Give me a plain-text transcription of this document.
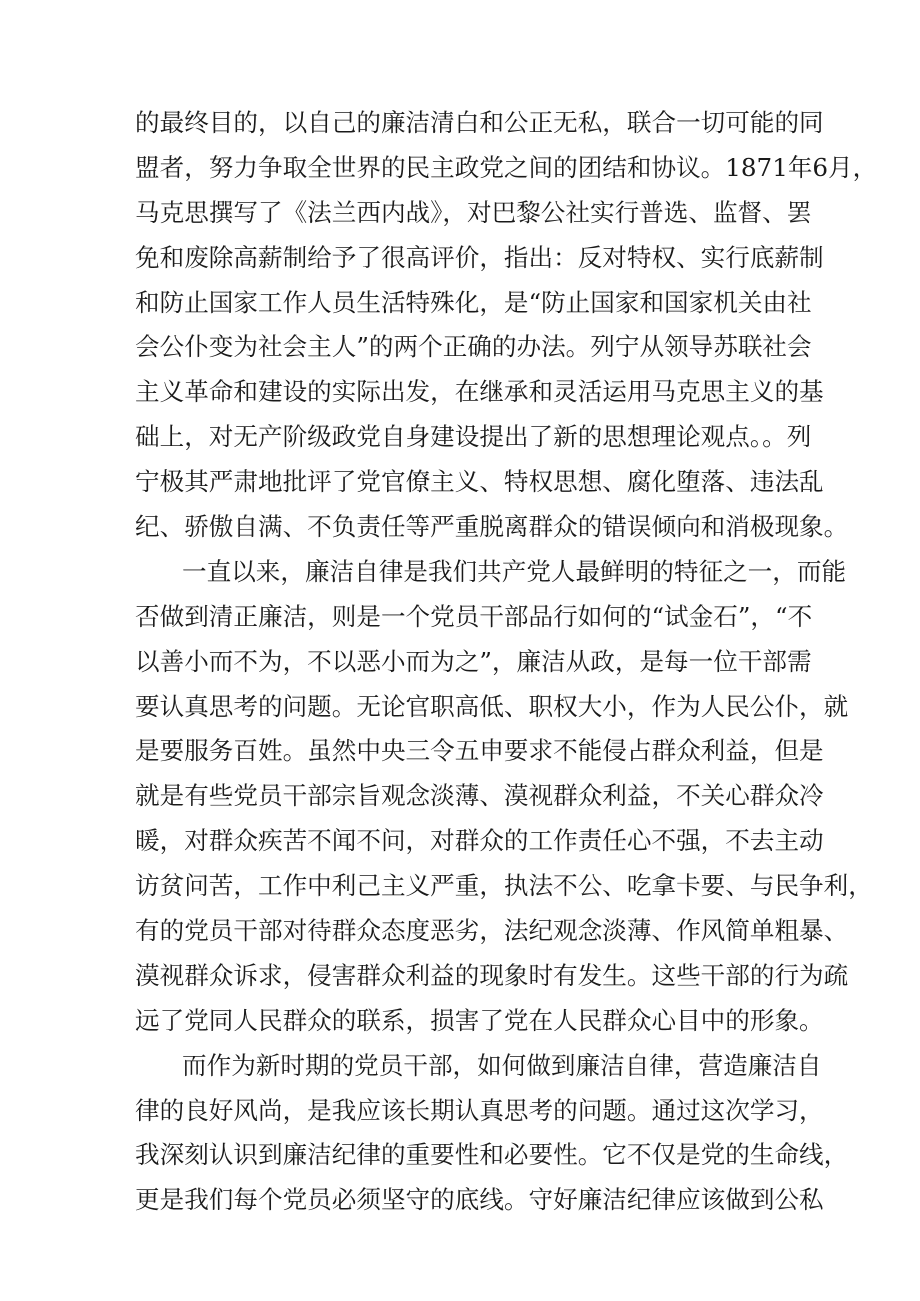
的最终目的，以自己的廉洁清白和公正无私，联合一切可能的同
盟者，努力争取全世界的民主政党之间的团结和协议。1871年6月，
马克思撰写了《法兰西内战》，对巴黎公社实行普选、监督、罢
免和废除高薪制给予了很高评价，指出：反对特权、实行底薪制
和防止国家工作人员生活特殊化，是“防止国家和国家机关由社
会公仆变为社会主人”的两个正确的办法。列宁从领导苏联社会
主义革命和建设的实际出发，在继承和灵活运用马克思主义的基
础上，对无产阶级政党自身建设提出了新的思想理论观点。。列
宁极其严肃地批评了党官僚主义、特权思想、腐化堕落、违法乱
纪、骄傲自满、不负责任等严重脱离群众的错误倾向和消极现象。
一直以来，廉洁自律是我们共产党人最鲜明的特征之一，而能
否做到清正廉洁，则是一个党员干部品行如何的“试金石”，“不
以善小而不为，不以恶小而为之”，廉洁从政，是每一位干部需
要认真思考的问题。无论官职高低、职权大小，作为人民公仆，就
是要服务百姓。虽然中央三令五申要求不能侵占群众利益，但是
就是有些党员干部宗旨观念淡薄、漠视群众利益，不关心群众冷
暖，对群众疾苦不闻不问，对群众的工作责任心不强，不去主动
访贫问苦，工作中利己主义严重，执法不公、吃拿卡要、与民争利，
有的党员干部对待群众态度恶劣，法纪观念淡薄、作风简单粗暴、
漠视群众诉求，侵害群众利益的现象时有发生。这些干部的行为疏
远了党同人民群众的联系，损害了党在人民群众心目中的形象。
而作为新时期的党员干部，如何做到廉洁自律，营造廉洁自
律的良好风尚，是我应该长期认真思考的问题。通过这次学习，
我深刻认识到廉洁纪律的重要性和必要性。它不仅是党的生命线，
更是我们每个党员必须坚守的底线。守好廉洁纪律应该做到公私
